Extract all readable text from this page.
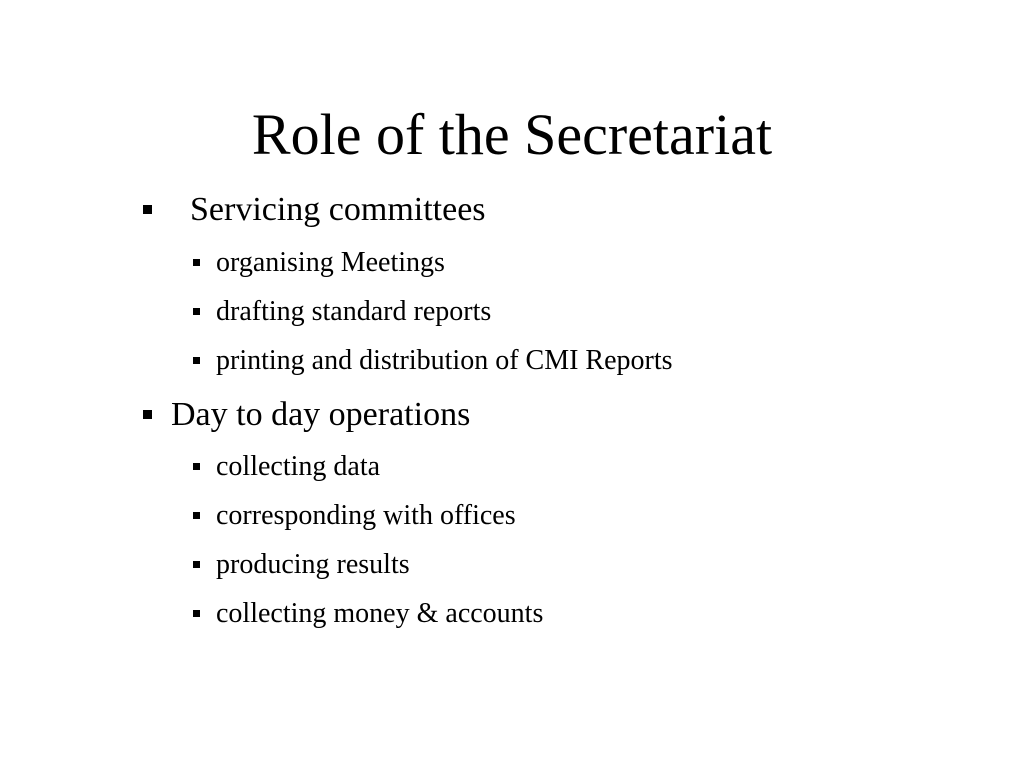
Role of the Secretariat
Servicing committees
organising Meetings
drafting standard reports
printing and distribution of CMI Reports
Day to day operations
collecting data
corresponding with offices
producing results
collecting money & accounts
